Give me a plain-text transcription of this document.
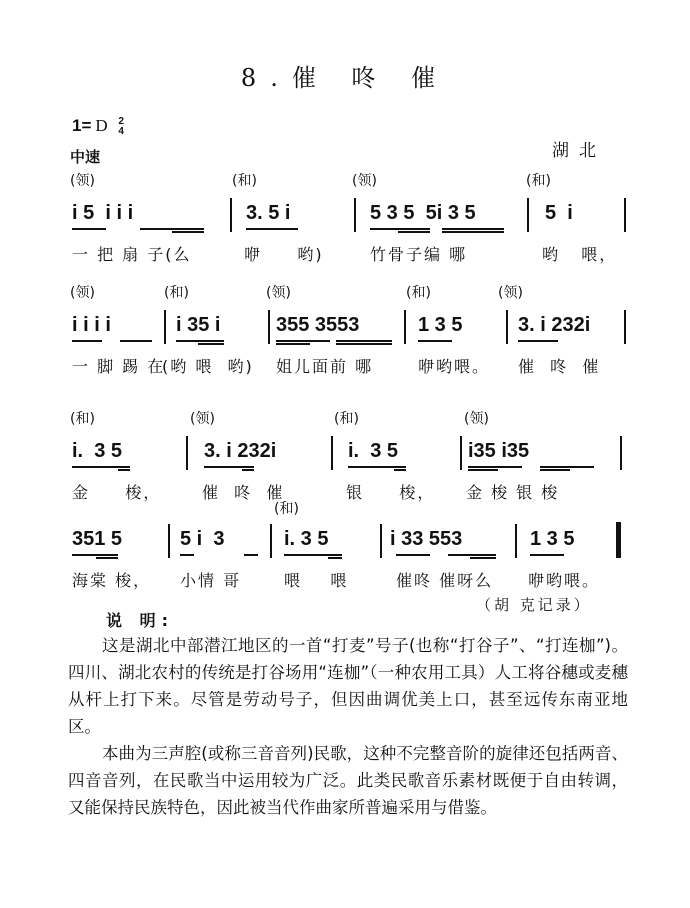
8.催 咚 催
1= D 2
4
中速	湖北
(领)	(和)	(领)	(和)
i 5  i i i	3. 5 i	5 3 5  5i 3 5	5  i
一 把 扇 子(么	咿     哟)	竹骨子编 哪	哟   喂，
(领)	(和)	(领)	(和)	(领)
i i i i	i 35 i	355 3553	1 3 5	3. i 232i
一 脚 踢 在
(哟 喂  哟) 姐儿面前 哪	咿哟喂。 催  咚  催
(和)	(领)	(和)	(领)
i.  3 5	3. i 232i	i.  3 5	i35 i35
金     梭，	催  咚  催	银     梭， 金 梭 银 梭
(和)
351 5	5 i  3	i. 3 5	i 33 553	1 3 5
海棠 梭， 小情 哥	喂    喂	催咚 催呀么 咿哟喂。
（胡 克记录）
说 明:

这是湖北中部潜江地区的一首“打麦”号子(也称“打谷子”、“打连枷”)。四川、湖北农村的传统是打谷场用“连枷”（一种农用工具）人工将谷穗或麦穗从杆上打下来。尽管是劳动号子，但因曲调优美上口，甚至远传东南亚地区。

本曲为三声腔(或称三音音列)民歌，这种不完整音阶的旋律还包括两音、四音音列，在民歌当中运用较为广泛。此类民歌音乐素材既便于自由转调，又能保持民族特色，因此被当代作曲家所普遍采用与借鉴。
